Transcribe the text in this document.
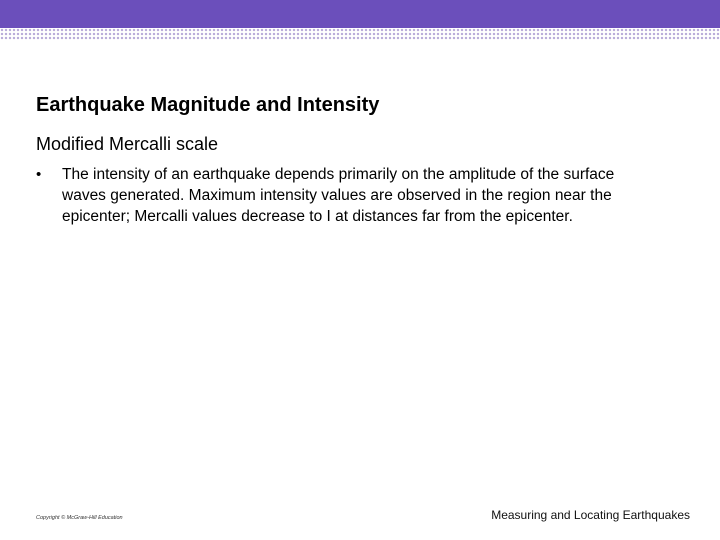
Earthquake Magnitude and Intensity
Modified Mercalli scale
•	The intensity of an earthquake depends primarily on the amplitude of the surface waves generated. Maximum intensity values are observed in the region near the epicenter; Mercalli values decrease to I at distances far from the epicenter.
Copyright © McGraw-Hill Education	Measuring and Locating Earthquakes
